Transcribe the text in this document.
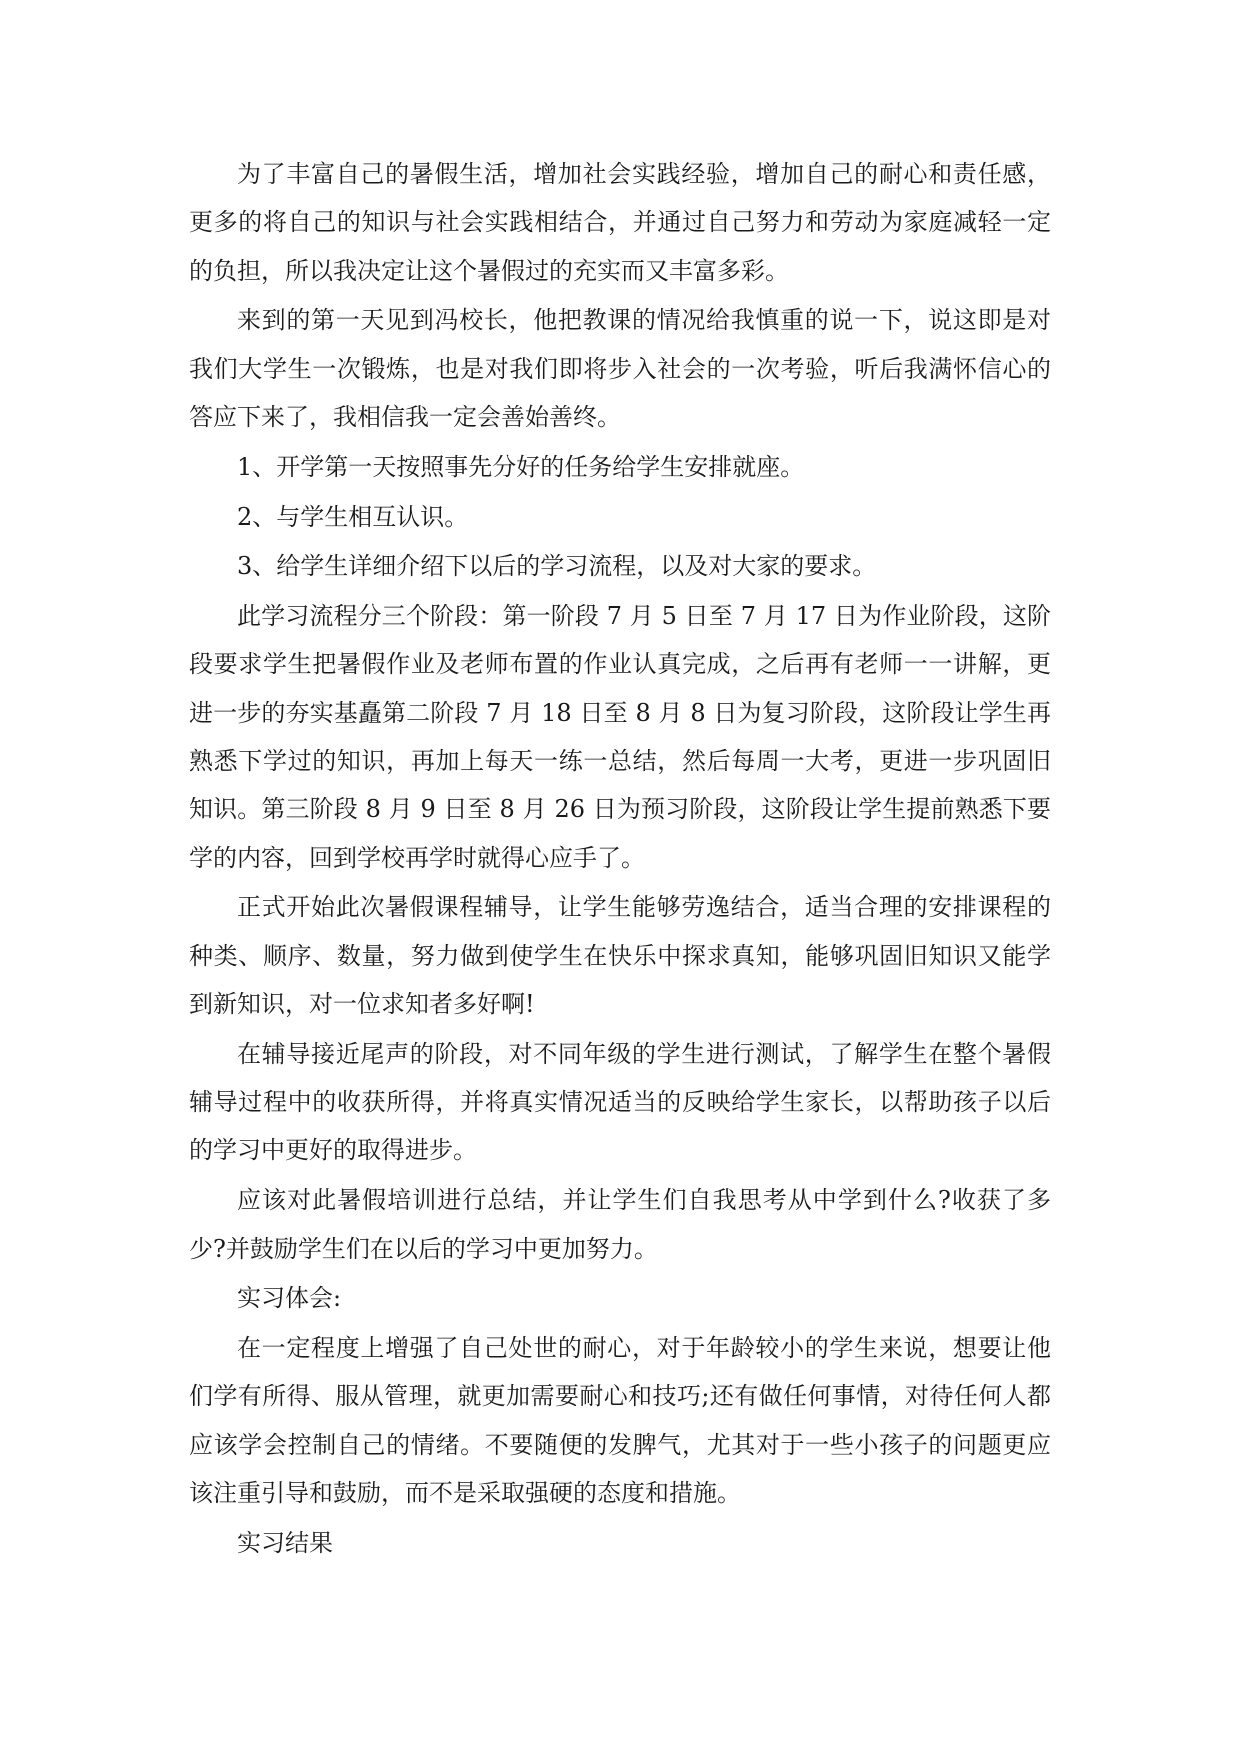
为了丰富自己的暑假生活，增加社会实践经验，增加自己的耐心和责任感，更多的将自己的知识与社会实践相结合，并通过自己努力和劳动为家庭减轻一定的负担，所以我决定让这个暑假过的充实而又丰富多彩。

来到的第一天见到冯校长，他把教课的情况给我慎重的说一下，说这即是对我们大学生一次锻炼，也是对我们即将步入社会的一次考验，听后我满怀信心的答应下来了，我相信我一定会善始善终。

1、开学第一天按照事先分好的任务给学生安排就座。

2、与学生相互认识。

3、给学生详细介绍下以后的学习流程，以及对大家的要求。

此学习流程分三个阶段：第一阶段 7 月 5 日至 7 月 17 日为作业阶段，这阶段要求学生把暑假作业及老师布置的作业认真完成，之后再有老师一一讲解，更进一步的夯实基矗第二阶段 7 月 18 日至 8 月 8 日为复习阶段，这阶段让学生再熟悉下学过的知识，再加上每天一练一总结，然后每周一大考，更进一步巩固旧知识。第三阶段 8 月 9 日至 8 月 26 日为预习阶段，这阶段让学生提前熟悉下要学的内容，回到学校再学时就得心应手了。

正式开始此次暑假课程辅导，让学生能够劳逸结合，适当合理的安排课程的种类、顺序、数量，努力做到使学生在快乐中探求真知，能够巩固旧知识又能学到新知识，对一位求知者多好啊!

在辅导接近尾声的阶段，对不同年级的学生进行测试，了解学生在整个暑假辅导过程中的收获所得，并将真实情况适当的反映给学生家长，以帮助孩子以后的学习中更好的取得进步。

应该对此暑假培训进行总结，并让学生们自我思考从中学到什么?收获了多少?并鼓励学生们在以后的学习中更加努力。

实习体会:

在一定程度上增强了自己处世的耐心，对于年龄较小的学生来说，想要让他们学有所得、服从管理，就更加需要耐心和技巧;还有做任何事情，对待任何人都应该学会控制自己的情绪。不要随便的发脾气，尤其对于一些小孩子的问题更应该注重引导和鼓励，而不是采取强硬的态度和措施。

实习结果
